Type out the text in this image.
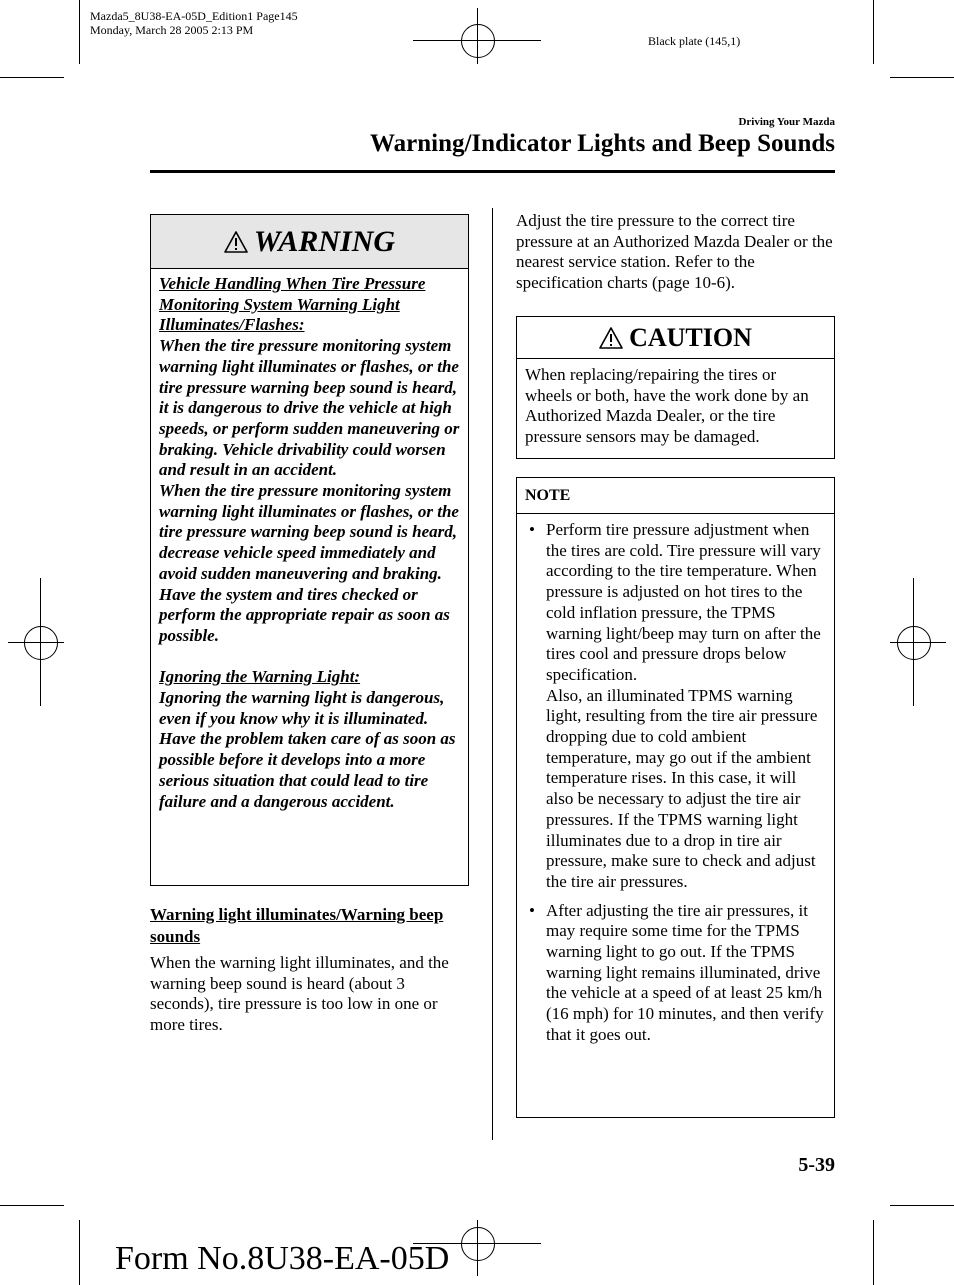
Mazda5_8U38-EA-05D_Edition1 Page145
Monday, March 28 2005 2:13 PM
Black plate (145,1)
Driving Your Mazda
Warning/Indicator Lights and Beep Sounds
WARNING

Vehicle Handling When Tire Pressure Monitoring System Warning Light Illuminates/Flashes:

When the tire pressure monitoring system warning light illuminates or flashes, or the tire pressure warning beep sound is heard, it is dangerous to drive the vehicle at high speeds, or perform sudden maneuvering or braking. Vehicle drivability could worsen and result in an accident.

When the tire pressure monitoring system warning light illuminates or flashes, or the tire pressure warning beep sound is heard, decrease vehicle speed immediately and avoid sudden maneuvering and braking. Have the system and tires checked or perform the appropriate repair as soon as possible.

Ignoring the Warning Light:

Ignoring the warning light is dangerous, even if you know why it is illuminated. Have the problem taken care of as soon as possible before it develops into a more serious situation that could lead to tire failure and a dangerous accident.

Warning light illuminates/Warning beep sounds
When the warning light illuminates, and the warning beep sound is heard (about 3 seconds), tire pressure is too low in one or more tires.
Adjust the tire pressure to the correct tire pressure at an Authorized Mazda Dealer or the nearest service station. Refer to the specification charts (page 10-6).
CAUTION
When replacing/repairing the tires or wheels or both, have the work done by an Authorized Mazda Dealer, or the tire pressure sensors may be damaged.
NOTE
• Perform tire pressure adjustment when the tires are cold. Tire pressure will vary according to the tire temperature. When pressure is adjusted on hot tires to the cold inflation pressure, the TPMS warning light/beep may turn on after the tires cool and pressure drops below specification.

Also, an illuminated TPMS warning light, resulting from the tire air pressure dropping due to cold ambient temperature, may go out if the ambient temperature rises. In this case, it will also be necessary to adjust the tire air pressures. If the TPMS warning light illuminates due to a drop in tire air pressure, make sure to check and adjust the tire air pressures.

• After adjusting the tire air pressures, it may require some time for the TPMS warning light to go out. If the TPMS warning light remains illuminated, drive the vehicle at a speed of at least 25 km/h (16 mph) for 10 minutes, and then verify that it goes out.

5-39
Form No.8U38-EA-05D
